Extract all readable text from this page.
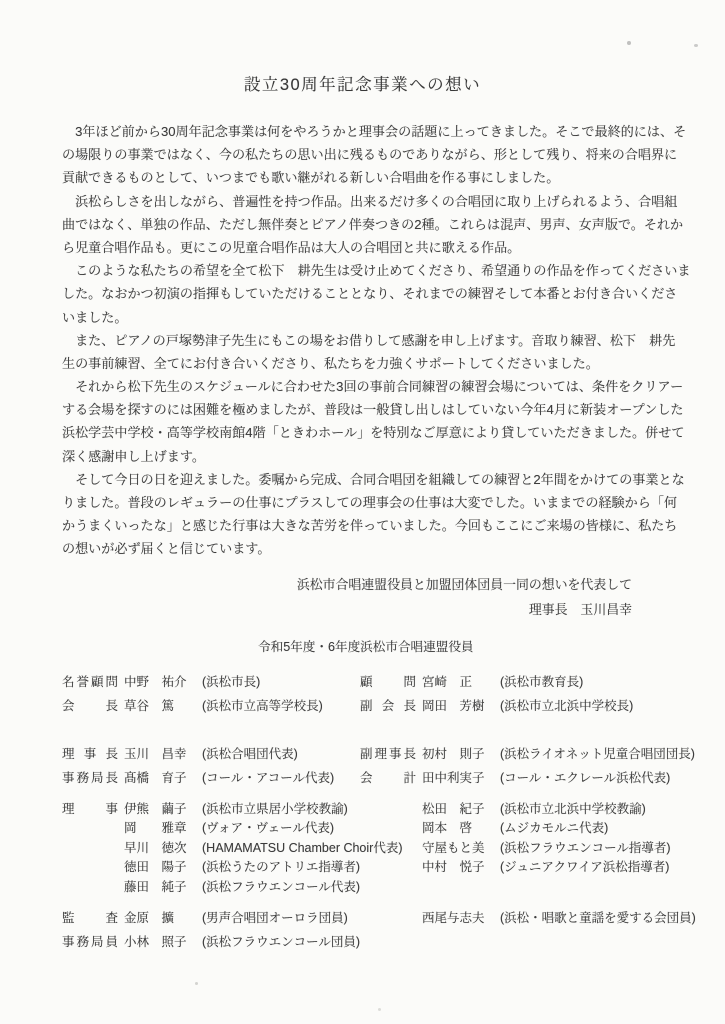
設立30周年記念事業への想い
　3年ほど前から30周年記念事業は何をやろうかと理事会の話題に上ってきました。そこで最終的には、そ
の場限りの事業ではなく、今の私たちの思い出に残るものでありながら、形として残り、将来の合唱界に
貢献できるものとして、いつまでも歌い継がれる新しい合唱曲を作る事にしました。
　浜松らしさを出しながら、普遍性を持つ作品。出来るだけ多くの合唱団に取り上げられるよう、合唱組
曲ではなく、単独の作品、ただし無伴奏とピアノ伴奏つきの2種。これらは混声、男声、女声版で。それか
ら児童合唱作品も。更にこの児童合唱作品は大人の合唱団と共に歌える作品。
　このような私たちの希望を全て松下　耕先生は受け止めてくださり、希望通りの作品を作ってくださいま
した。なおかつ初演の指揮もしていただけることとなり、それまでの練習そして本番とお付き合いくださ
いました。
　また、ピアノの戸塚勢津子先生にもこの場をお借りして感謝を申し上げます。音取り練習、松下　耕先
生の事前練習、全てにお付き合いくださり、私たちを力強くサポートしてくださいました。
　それから松下先生のスケジュールに合わせた3回の事前合同練習の練習会場については、条件をクリアー
する会場を探すのには困難を極めましたが、普段は一般貸し出しはしていない今年4月に新装オープンした
浜松学芸中学校・高等学校南館4階「ときわホール」を特別なご厚意により貸していただきました。併せて
深く感謝申し上げます。
　そして今日の日を迎えました。委嘱から完成、合同合唱団を組織しての練習と2年間をかけての事業とな
りました。普段のレギュラーの仕事にプラスしての理事会の仕事は大変でした。いままでの経験から「何
かうまくいったな」と感じた行事は大きな苦労を伴っていました。今回もここにご来場の皆様に、私たち
の想いが必ず届くと信じています。
浜松市合唱連盟役員と加盟団体団員一同の想いを代表して
理事長　玉川昌幸
令和5年度・6年度浜松市合唱連盟役員
名誉顧問 中野　祐介	(浜松市長)	顧問 宮崎　正	(浜松市教育長)
会長 草谷　篤	(浜松市立高等学校長)	副会長 岡田　芳樹	(浜松市立北浜中学校長)
理事長 玉川　昌幸	(浜松合唱団代表)	副理事長 初村　則子	(浜松ライオネット児童合唱団団長)
事務局長 髙橋　育子	(コール・アコール代表) 会計 田中利実子	(コール・エクレール浜松代表)
理事 伊熊　繭子	(浜松市立県居小学校教諭)	松田　紀子	(浜松市立北浜中学校教諭)
岡　　雅章	(ヴォア・ヴェール代表)	岡本　啓	(ムジカモルニ代表)
早川　徳次	(HAMAMATSU Chamber Choir代表) 守屋もと美	(浜松フラウエンコール指導者)
徳田　陽子	(浜松うたのアトリエ指導者)	中村　悦子	(ジュニアクワイア浜松指導者)
藤田　純子	(浜松フラウエンコール代表)
監査 金原　擴	(男声合唱団オーロラ団員)	西尾与志夫	(浜松・唱歌と童謡を愛する会団員)
事務局員 小林　照子	(浜松フラウエンコール団員)
